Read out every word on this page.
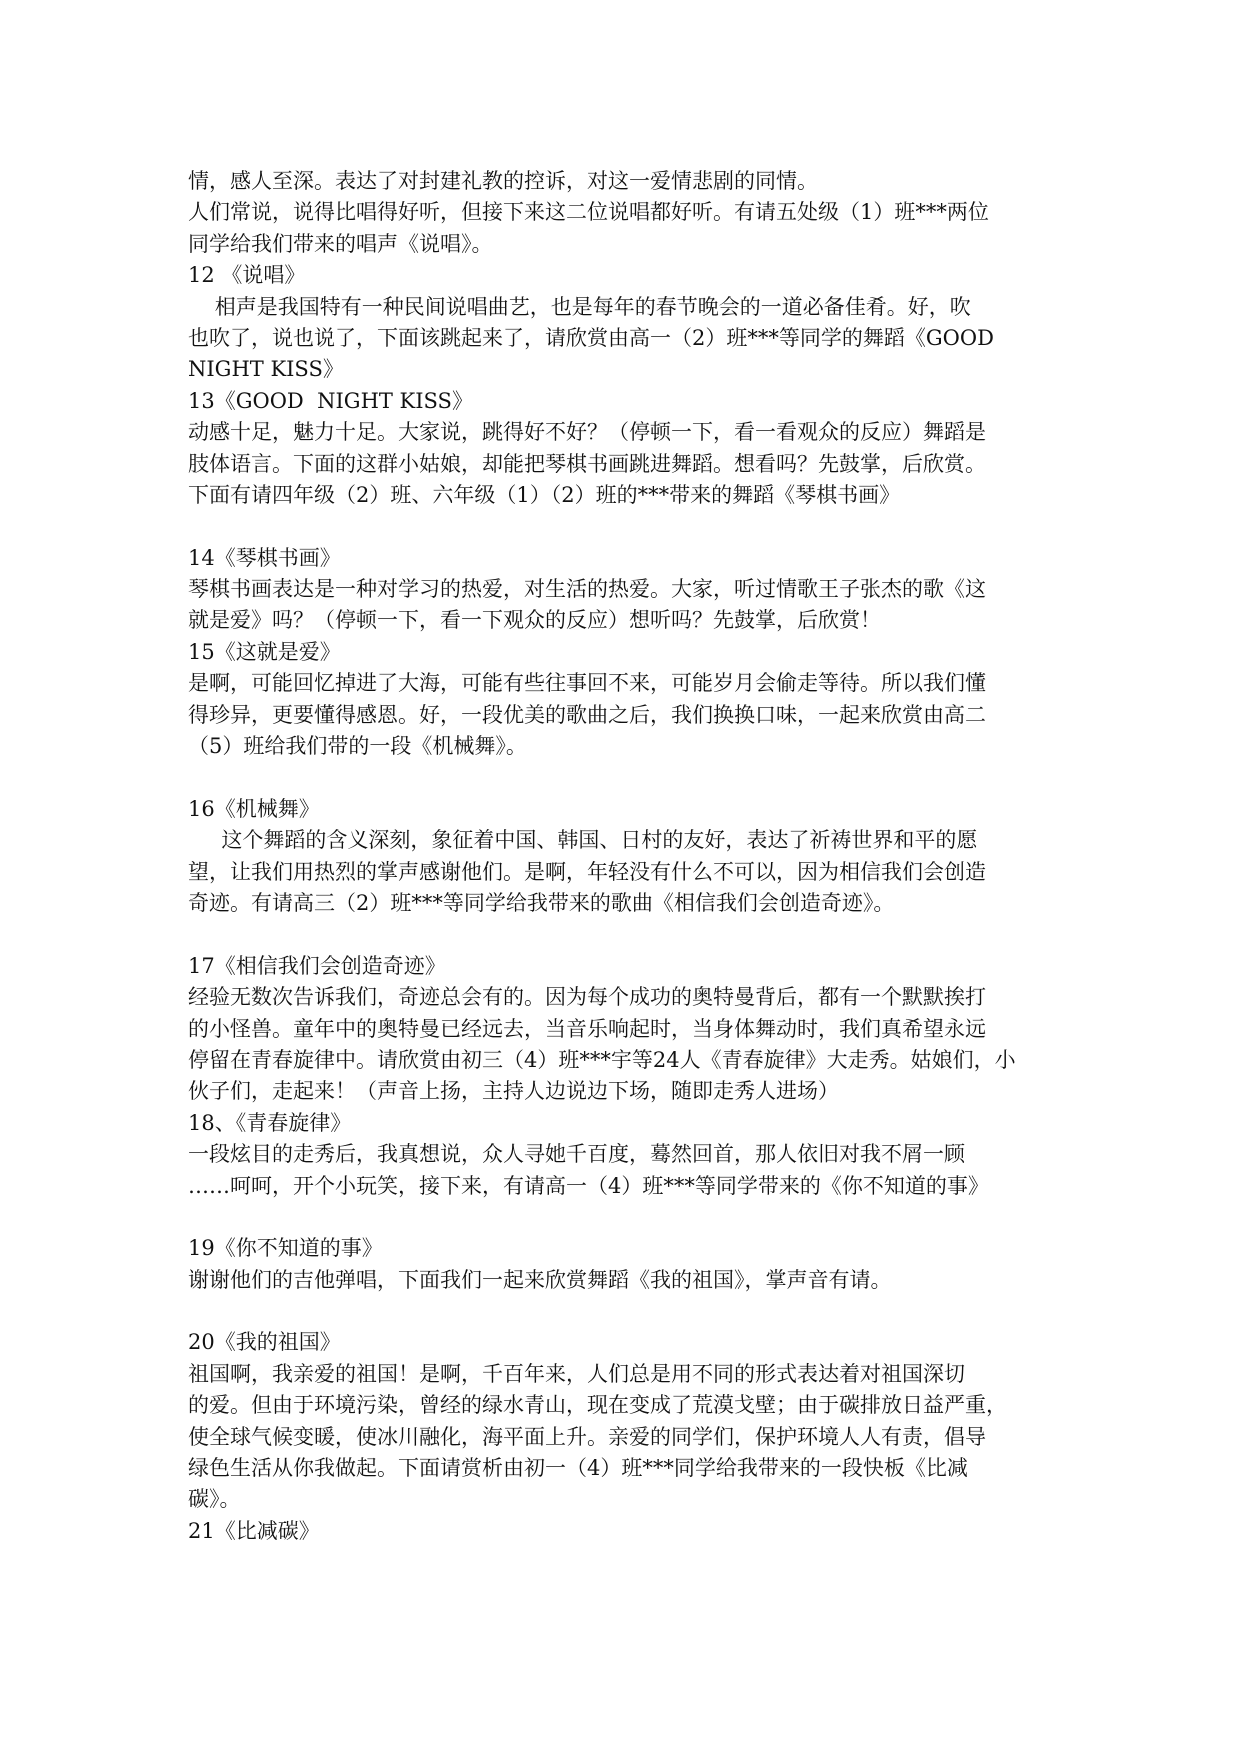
情，感人至深。表达了对封建礼教的控诉，对这一爱情悲剧的同情。
人们常说，说得比唱得好听，但接下来这二位说唱都好听。有请五处级（1）班***两位
同学给我们带来的唱声《说唱》。
12 《说唱》
相声是我国特有一种民间说唱曲艺，也是每年的春节晚会的一道必备佳肴。好，吹
也吹了，说也说了，下面该跳起来了，请欣赏由高一（2）班***等同学的舞蹈《GOOD
NIGHT KISS》
13《GOOD  NIGHT KISS》
动感十足，魅力十足。大家说，跳得好不好？（停顿一下，看一看观众的反应）舞蹈是
肢体语言。下面的这群小姑娘，却能把琴棋书画跳进舞蹈。想看吗？先鼓掌，后欣赏。
下面有请四年级（2）班、六年级（1）（2）班的***带来的舞蹈《琴棋书画》
14《琴棋书画》
琴棋书画表达是一种对学习的热爱，对生活的热爱。大家，听过情歌王子张杰的歌《这
就是爱》吗？（停顿一下，看一下观众的反应）想听吗？先鼓掌，后欣赏！
15《这就是爱》
是啊，可能回忆掉进了大海，可能有些往事回不来，可能岁月会偷走等待。所以我们懂
得珍异，更要懂得感恩。好，一段优美的歌曲之后，我们换换口味，一起来欣赏由高二
（5）班给我们带的一段《机械舞》。
16《机械舞》
这个舞蹈的含义深刻，象征着中国、韩国、日村的友好，表达了祈祷世界和平的愿
望，让我们用热烈的掌声感谢他们。是啊，年轻没有什么不可以，因为相信我们会创造
奇迹。有请高三（2）班***等同学给我带来的歌曲《相信我们会创造奇迹》。
17《相信我们会创造奇迹》
经验无数次告诉我们，奇迹总会有的。因为每个成功的奥特曼背后，都有一个默默挨打
的小怪兽。童年中的奥特曼已经远去，当音乐响起时，当身体舞动时，我们真希望永远
停留在青春旋律中。请欣赏由初三（4）班***宇等24人《青春旋律》大走秀。姑娘们，小
伙子们，走起来！（声音上扬，主持人边说边下场，随即走秀人进场）
18、《青春旋律》
一段炫目的走秀后，我真想说，众人寻她千百度，蓦然回首，那人依旧对我不屑一顾
……呵呵，开个小玩笑，接下来，有请高一（4）班***等同学带来的《你不知道的事》
19《你不知道的事》
谢谢他们的吉他弹唱，下面我们一起来欣赏舞蹈《我的祖国》，掌声音有请。
20《我的祖国》
祖国啊，我亲爱的祖国！是啊，千百年来，人们总是用不同的形式表达着对祖国深切
的爱。但由于环境污染，曾经的绿水青山，现在变成了荒漠戈壁；由于碳排放日益严重，
使全球气候变暖，使冰川融化，海平面上升。亲爱的同学们，保护环境人人有责，倡导
绿色生活从你我做起。下面请赏析由初一（4）班***同学给我带来的一段快板《比减
碳》。
21《比减碳》
